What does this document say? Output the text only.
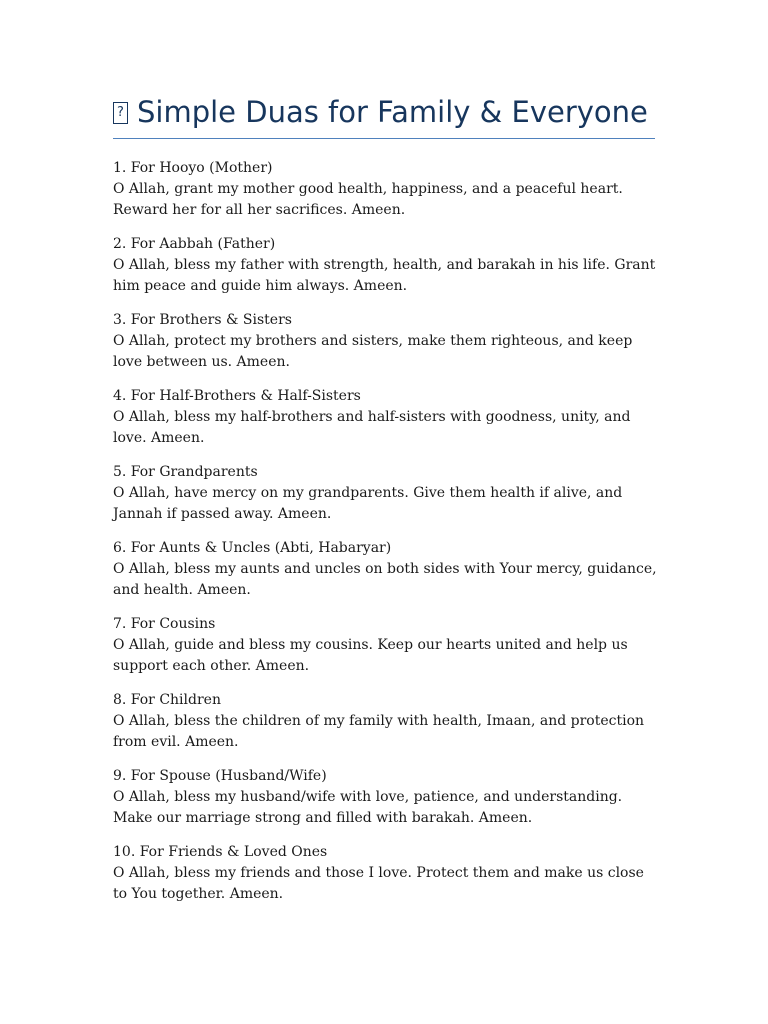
? Simple Duas for Family & Everyone
1. For Hooyo (Mother)
O Allah, grant my mother good health, happiness, and a peaceful heart. Reward her for all her sacrifices. Ameen.
2. For Aabbah (Father)
O Allah, bless my father with strength, health, and barakah in his life. Grant him peace and guide him always. Ameen.
3. For Brothers & Sisters
O Allah, protect my brothers and sisters, make them righteous, and keep love between us. Ameen.
4. For Half-Brothers & Half-Sisters
O Allah, bless my half-brothers and half-sisters with goodness, unity, and love. Ameen.
5. For Grandparents
O Allah, have mercy on my grandparents. Give them health if alive, and Jannah if passed away. Ameen.
6. For Aunts & Uncles (Abti, Habaryar)
O Allah, bless my aunts and uncles on both sides with Your mercy, guidance, and health. Ameen.
7. For Cousins
O Allah, guide and bless my cousins. Keep our hearts united and help us support each other. Ameen.
8. For Children
O Allah, bless the children of my family with health, Imaan, and protection from evil. Ameen.
9. For Spouse (Husband/Wife)
O Allah, bless my husband/wife with love, patience, and understanding. Make our marriage strong and filled with barakah. Ameen.
10. For Friends & Loved Ones
O Allah, bless my friends and those I love. Protect them and make us close to You together. Ameen.
